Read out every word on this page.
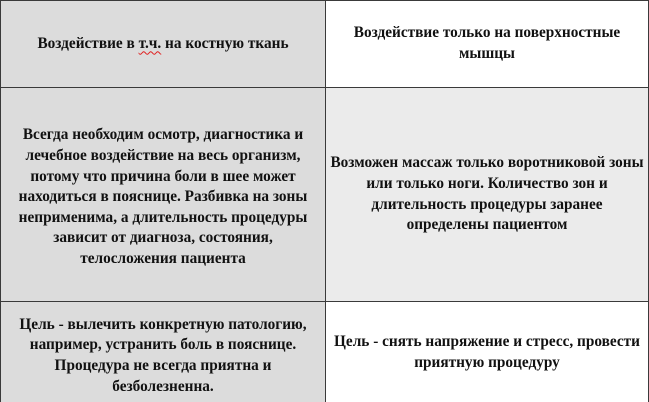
Воздействие в т.ч. на костную ткань
Воздействие только на поверхностные мышцы
Всегда необходим осмотр, диагностика и лечебное воздействие на весь организм, потому что причина боли в шее может находиться в пояснице. Разбивка на зоны неприменима, а длительность процедуры зависит от диагноза, состояния, телосложения пациента
Возможен массаж только воротниковой зоны или только ноги. Количество зон и длительность процедуры заранее определены пациентом
Цель - вылечить конкретную патологию, например, устранить боль в пояснице. Процедура не всегда приятна и безболезненна.
Цель - снять напряжение и стресс, провести приятную процедуру
